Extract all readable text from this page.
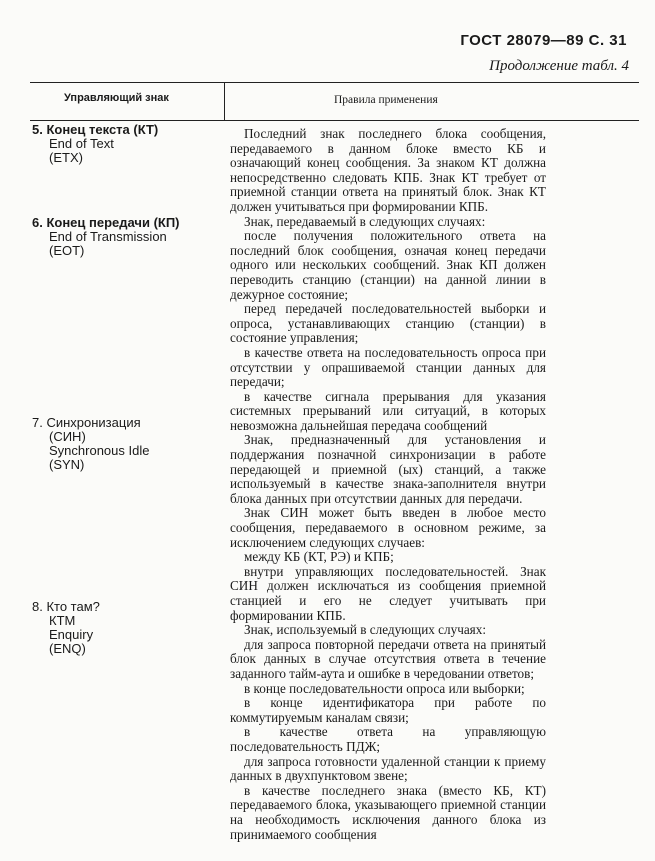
ГОСТ 28079—89 С. 31
Продолжение табл. 4
Управляющий знак	Правила применения
5. Конец текста (КТ)
End of Text
(ETX)
6. Конец передачи (КП)
End of Transmission
(EOT)
7. Синхронизация
(СИН)
Synchronous Idle
(SYN)
8. Кто там?
КТМ
Enquiry
(ENQ)

Последний знак последнего блока сообщения, передаваемого в данном блоке вместо КБ и означающий конец сообщения. За знаком КТ должна непосредственно следовать КПБ. Знак КТ требует от приемной станции ответа на принятый блок. Знак КТ должен учитываться при формировании КПБ.

Знак, передаваемый в следующих случаях:

после получения положительного ответа на последний блок сообщения, означая конец передачи одного или нескольких сообщений. Знак КП должен переводить станцию (станции) на данной линии в дежурное состояние;

перед передачей последовательностей выборки и опроса, устанавливающих станцию (станции) в состояние управления;

в качестве ответа на последовательность опроса при отсутствии у опрашиваемой станции данных для передачи;

в качестве сигнала прерывания для указания системных прерываний или ситуаций, в которых невозможна дальнейшая передача сообщений

Знак, предназначенный для установления и поддержания позначной синхронизации в работе передающей и приемной (ых) станций, а также используемый в качестве знака-заполнителя внутри блока данных при отсутствии данных для передачи.

Знак СИН может быть введен в любое место сообщения, передаваемого в основном режиме, за исключением следующих случаев:

между КБ (КТ, РЭ) и КПБ;

внутри управляющих последовательностей. Знак СИН должен исключаться из сообщения приемной станцией и его не следует учитывать при формировании КПБ.

Знак, используемый в следующих случаях:

для запроса повторной передачи ответа на принятый блок данных в случае отсутствия ответа в течение заданного тайм-аута и ошибке в чередовании ответов;

в конце последовательности опроса или выборки;

в конце идентификатора при работе по коммутируемым каналам связи;

в качестве ответа на управляющую последовательность ПДЖ;

для запроса готовности удаленной станции к приему данных в двухпунктовом звене;

в качестве последнего знака (вместо КБ, КТ) передаваемого блока, указывающего приемной станции на необходимость исключения данного блока из принимаемого сообщения
